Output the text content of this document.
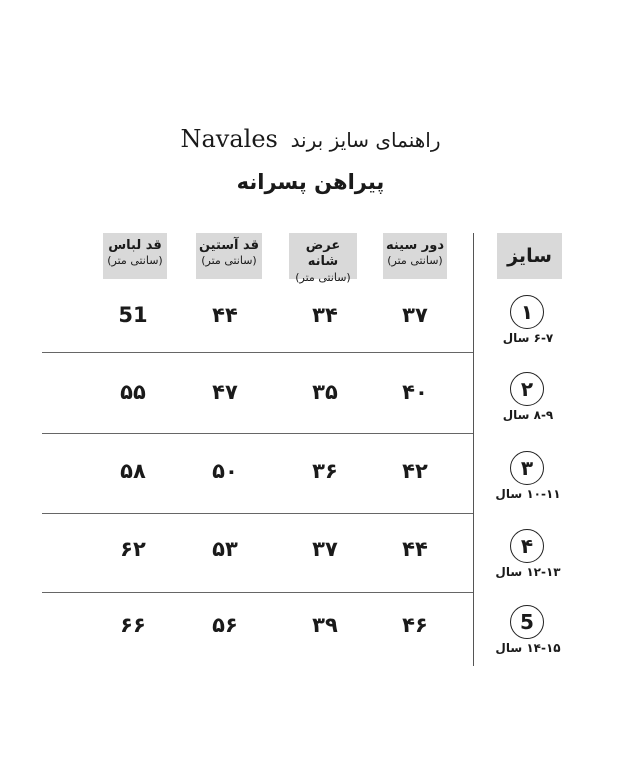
راهنمای سایز برند  Navales
پیراهن پسرانه
سایز
دور سینه
(سانتی متر)
عرض شانه
(سانتی متر)
قد آستین
(سانتی متر)
قد لباس
(سانتی متر)
۱
۶-۷ سال
۳۷
۳۴
۴۴
51
۲
۸-۹ سال
۴۰
۳۵
۴۷
۵۵
۳
۱۰-۱۱ سال
۴۲
۳۶
۵۰
۵۸
۴
۱۲-۱۳ سال
۴۴
۳۷
۵۳
۶۲
5
۱۴-۱۵ سال
۴۶
۳۹
۵۶
۶۶
